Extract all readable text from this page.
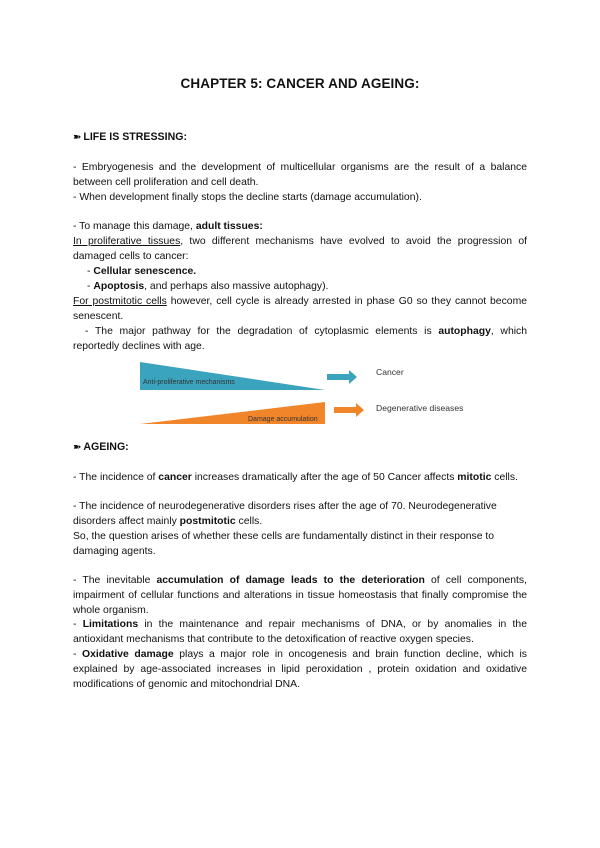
CHAPTER 5: CANCER AND AGEING:
➽ LIFE IS STRESSING:
- Embryogenesis and the development of multicellular organisms are the result of a balance between cell proliferation and cell death.
- When development finally stops the decline starts (damage accumulation).
- To manage this damage, adult tissues:
In proliferative tissues, two different mechanisms have evolved to avoid the progression of damaged cells to cancer:
- Cellular senescence.
- Apoptosis, and perhaps also massive autophagy).
For postmitotic cells however, cell cycle is already arrested in phase G0 so they cannot become senescent.
- The major pathway for the degradation of cytoplasmic elements is autophagy, which reportedly declines with age.
Anti-proliferative mechanisms
Damage accumulation
Cancer
Degenerative diseases
➽ AGEING:
- The incidence of cancer increases dramatically after the age of 50 Cancer affects mitotic cells.
- The incidence of neurodegenerative disorders rises after the age of 70. Neurodegenerative disorders affect mainly postmitotic cells.
So, the question arises of whether these cells are fundamentally distinct in their response to damaging agents.
- The inevitable accumulation of damage leads to the deterioration of cell components, impairment of cellular functions and alterations in tissue homeostasis that finally compromise the whole organism.
- Limitations in the maintenance and repair mechanisms of DNA, or by anomalies in the antioxidant mechanisms that contribute to the detoxification of reactive oxygen species.
- Oxidative damage plays a major role in oncogenesis and brain function decline, which is explained by age-associated increases in lipid peroxidation , protein oxidation and oxidative modifications of genomic and mitochondrial DNA.
